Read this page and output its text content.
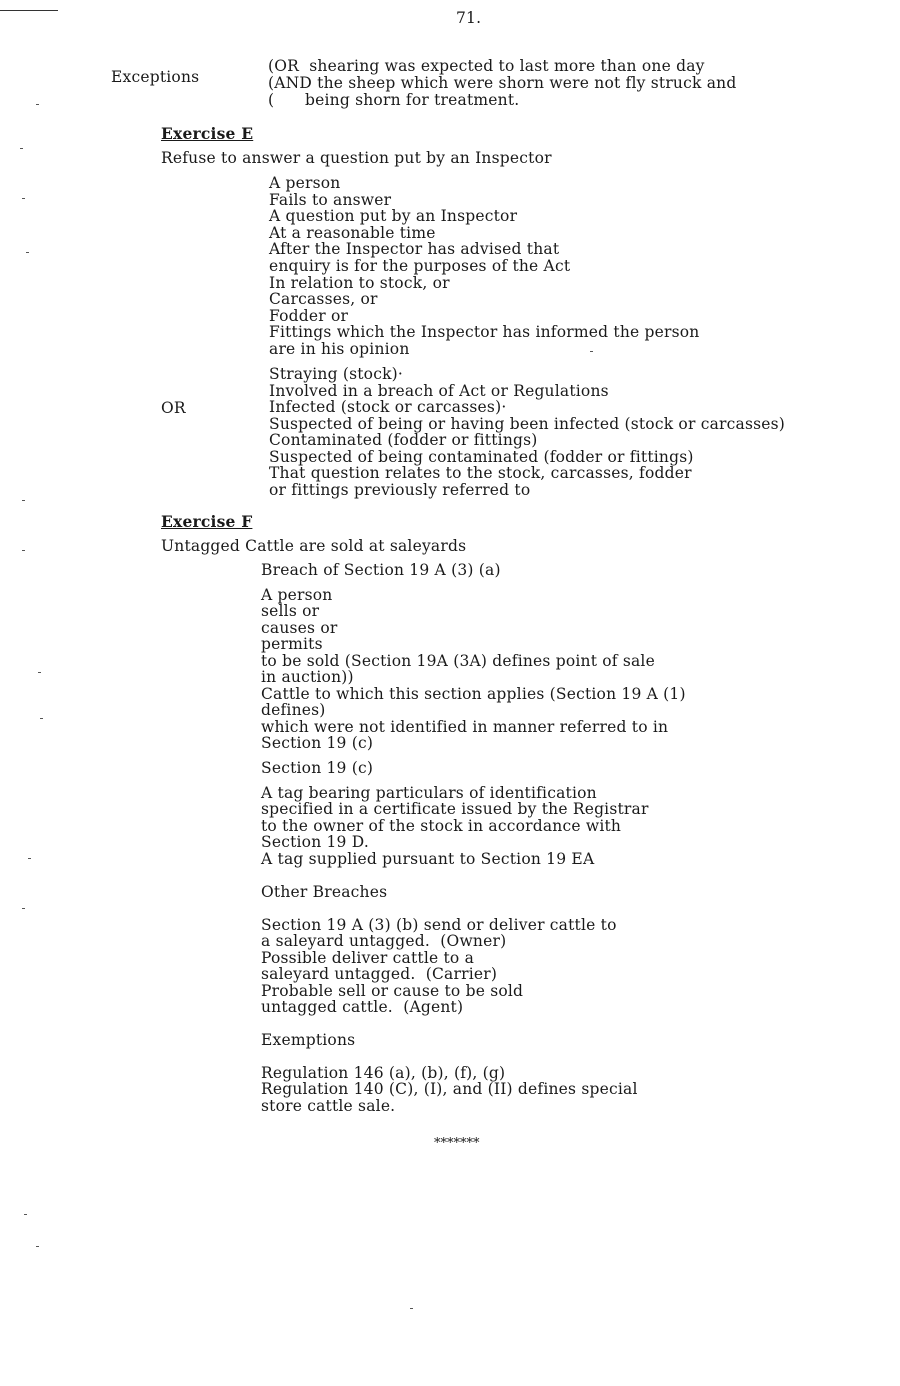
71.
Exceptions
(OR  shearing was expected to last more than one day
(AND the sheep which were shorn were not fly struck and
(      being shorn for treatment.
Exercise E
Refuse to answer a question put by an Inspector
A person
Fails to answer
A question put by an Inspector
At a reasonable time
After the Inspector has advised that
enquiry is for the purposes of the Act
In relation to stock, or
Carcasses, or
Fodder or
Fittings which the Inspector has informed the person
are in his opinion
OR
Straying (stock)·
Involved in a breach of Act or Regulations
Infected (stock or carcasses)·
Suspected of being or having been infected (stock or carcasses)
Contaminated (fodder or fittings)
Suspected of being contaminated (fodder or fittings)
That question relates to the stock, carcasses, fodder
or fittings previously referred to
Exercise F
Untagged Cattle are sold at saleyards
Breach of Section 19 A (3) (a)
A person
sells or
causes or
permits
to be sold (Section 19A (3A) defines point of sale
in auction))
Cattle to which this section applies (Section 19 A (1)
defines)
which were not identified in manner referred to in
Section 19 (c)
Section 19 (c)
A tag bearing particulars of identification
specified in a certificate issued by the Registrar
to the owner of the stock in accordance with
Section 19 D.
A tag supplied pursuant to Section 19 EA
Other Breaches
Section 19 A (3) (b) send or deliver cattle to
a saleyard untagged.  (Owner)
Possible deliver cattle to a
saleyard untagged.  (Carrier)
Probable sell or cause to be sold
untagged cattle.  (Agent)
Exemptions
Regulation 146 (a), (b), (f), (g)
Regulation 140 (C), (I), and (II) defines special
store cattle sale.
*******
